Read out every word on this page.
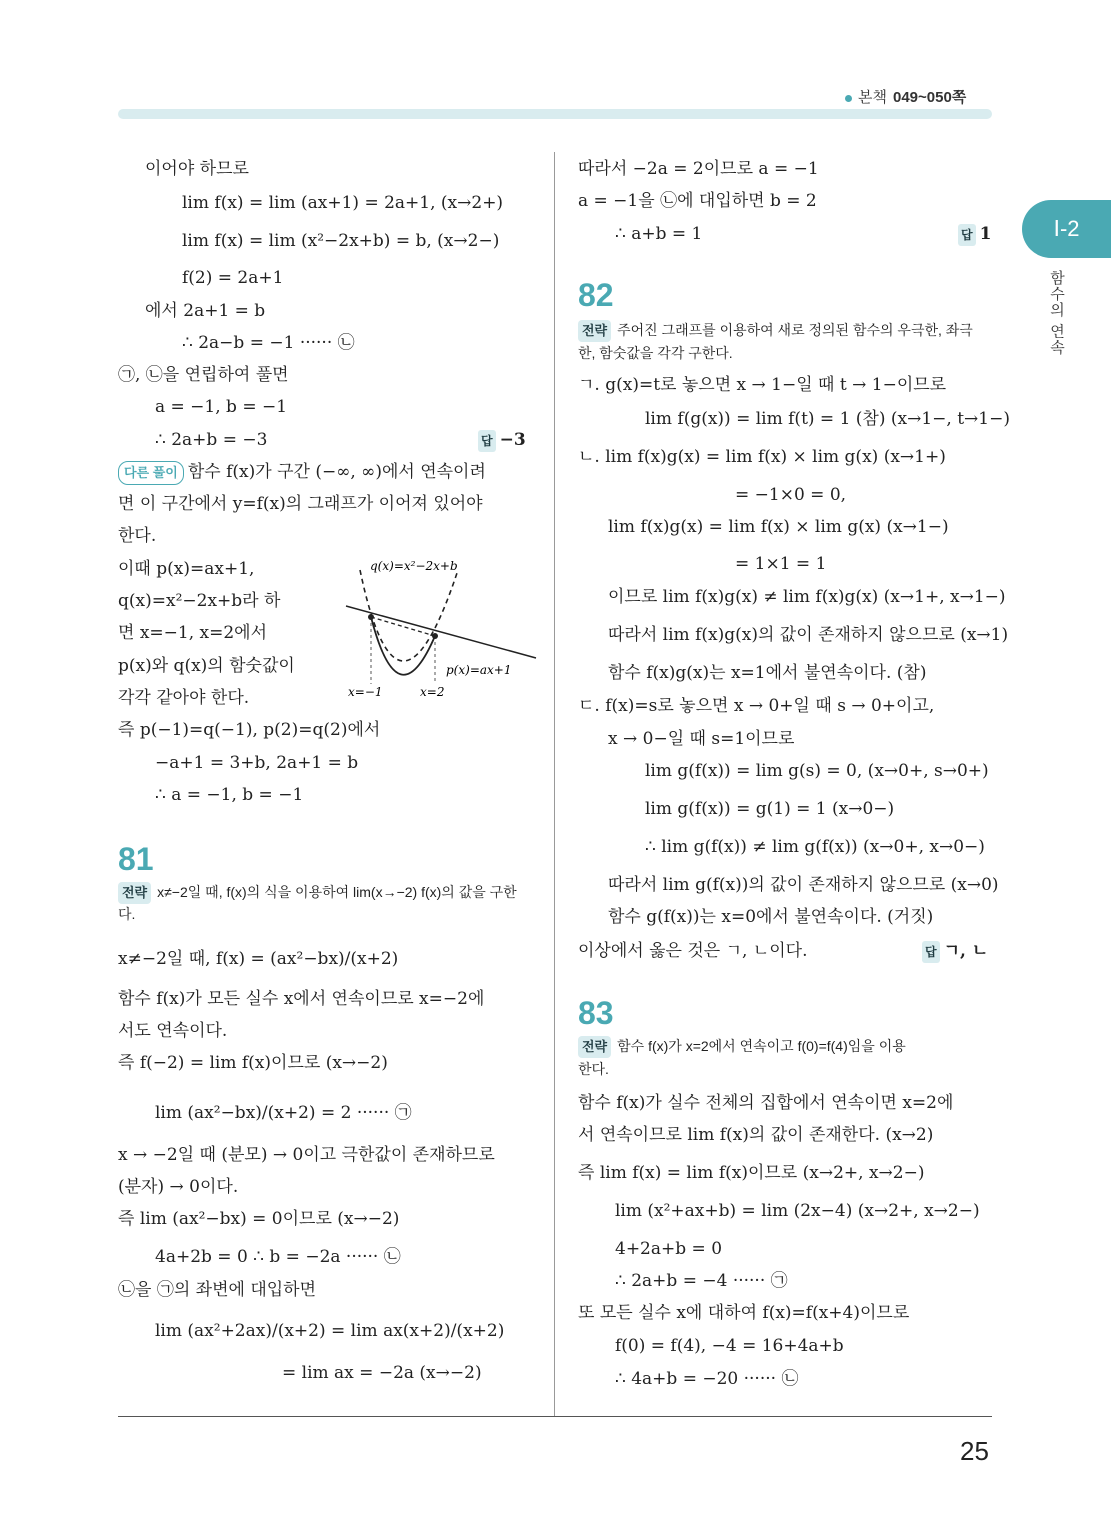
본책 049~050쪽
Ⅰ-2
함수의 연속
25
이어야 하므로
lim f(x) = lim (ax+1) = 2a+1, (x→2+)
lim f(x) = lim (x²−2x+b) = b, (x→2−)
f(2) = 2a+1
에서 2a+1 = b
∴ 2a−b = −1 ······ ㉡
㉠, ㉡을 연립하여 풀면
a = −1, b = −1
∴ 2a+b = −3	답 −3
다른 풀이 함수 f(x)가 구간 (−∞, ∞)에서 연속이려
면 이 구간에서 y=f(x)의 그래프가 이어져 있어야
한다.
이때 p(x)=ax+1,
q(x)=x²−2x+b라 하
면 x=−1, x=2에서
p(x)와 q(x)의 함숫값이
각각 같아야 한다.
즉 p(−1)=q(−1), p(2)=q(2)에서
−a+1 = 3+b, 2a+1 = b
∴ a = −1, b = −1
81
전략 x≠−2일 때, f(x)의 식을 이용하여 lim(x→−2) f(x)의 값을 구한다.
x≠−2일 때, f(x) = (ax²−bx)/(x+2)
함수 f(x)가 모든 실수 x에서 연속이므로 x=−2에
서도 연속이다.
즉 f(−2) = lim f(x)이므로 (x→−2)
lim (ax²−bx)/(x+2) = 2 ······ ㉠
x → −2일 때 (분모) → 0이고 극한값이 존재하므로
(분자) → 0이다.
즉 lim (ax²−bx) = 0이므로 (x→−2)
4a+2b = 0 ∴ b = −2a ······ ㉡
㉡을 ㉠의 좌변에 대입하면
lim (ax²+2ax)/(x+2) = lim ax(x+2)/(x+2)
= lim ax = −2a (x→−2)
q(x)=x²−2x+b
p(x)=ax+1
x=−1	x=2
따라서 −2a = 2이므로 a = −1
a = −1을 ㉡에 대입하면 b = 2
∴ a+b = 1	답 1
82
전략 주어진 그래프를 이용하여 새로 정의된 함수의 우극한, 좌극
한, 함숫값을 각각 구한다.
ㄱ. g(x)=t로 놓으면 x → 1−일 때 t → 1−이므로
lim f(g(x)) = lim f(t) = 1 (참) (x→1−, t→1−)
ㄴ. lim f(x)g(x) = lim f(x) × lim g(x) (x→1+)
= −1×0 = 0,
lim f(x)g(x) = lim f(x) × lim g(x) (x→1−)
= 1×1 = 1
이므로 lim f(x)g(x) ≠ lim f(x)g(x) (x→1+, x→1−)
따라서 lim f(x)g(x)의 값이 존재하지 않으므로 (x→1)
함수 f(x)g(x)는 x=1에서 불연속이다. (참)
ㄷ. f(x)=s로 놓으면 x → 0+일 때 s → 0+이고,
x → 0−일 때 s=1이므로
lim g(f(x)) = lim g(s) = 0, (x→0+, s→0+)
lim g(f(x)) = g(1) = 1 (x→0−)
∴ lim g(f(x)) ≠ lim g(f(x)) (x→0+, x→0−)
따라서 lim g(f(x))의 값이 존재하지 않으므로 (x→0)
함수 g(f(x))는 x=0에서 불연속이다. (거짓)
이상에서 옳은 것은 ㄱ, ㄴ이다.	답 ㄱ, ㄴ
83
전략 함수 f(x)가 x=2에서 연속이고 f(0)=f(4)임을 이용
한다.
함수 f(x)가 실수 전체의 집합에서 연속이면 x=2에
서 연속이므로 lim f(x)의 값이 존재한다. (x→2)
즉 lim f(x) = lim f(x)이므로 (x→2+, x→2−)
lim (x²+ax+b) = lim (2x−4) (x→2+, x→2−)
4+2a+b = 0
∴ 2a+b = −4 ······ ㉠
또 모든 실수 x에 대하여 f(x)=f(x+4)이므로
f(0) = f(4), −4 = 16+4a+b
∴ 4a+b = −20 ······ ㉡
